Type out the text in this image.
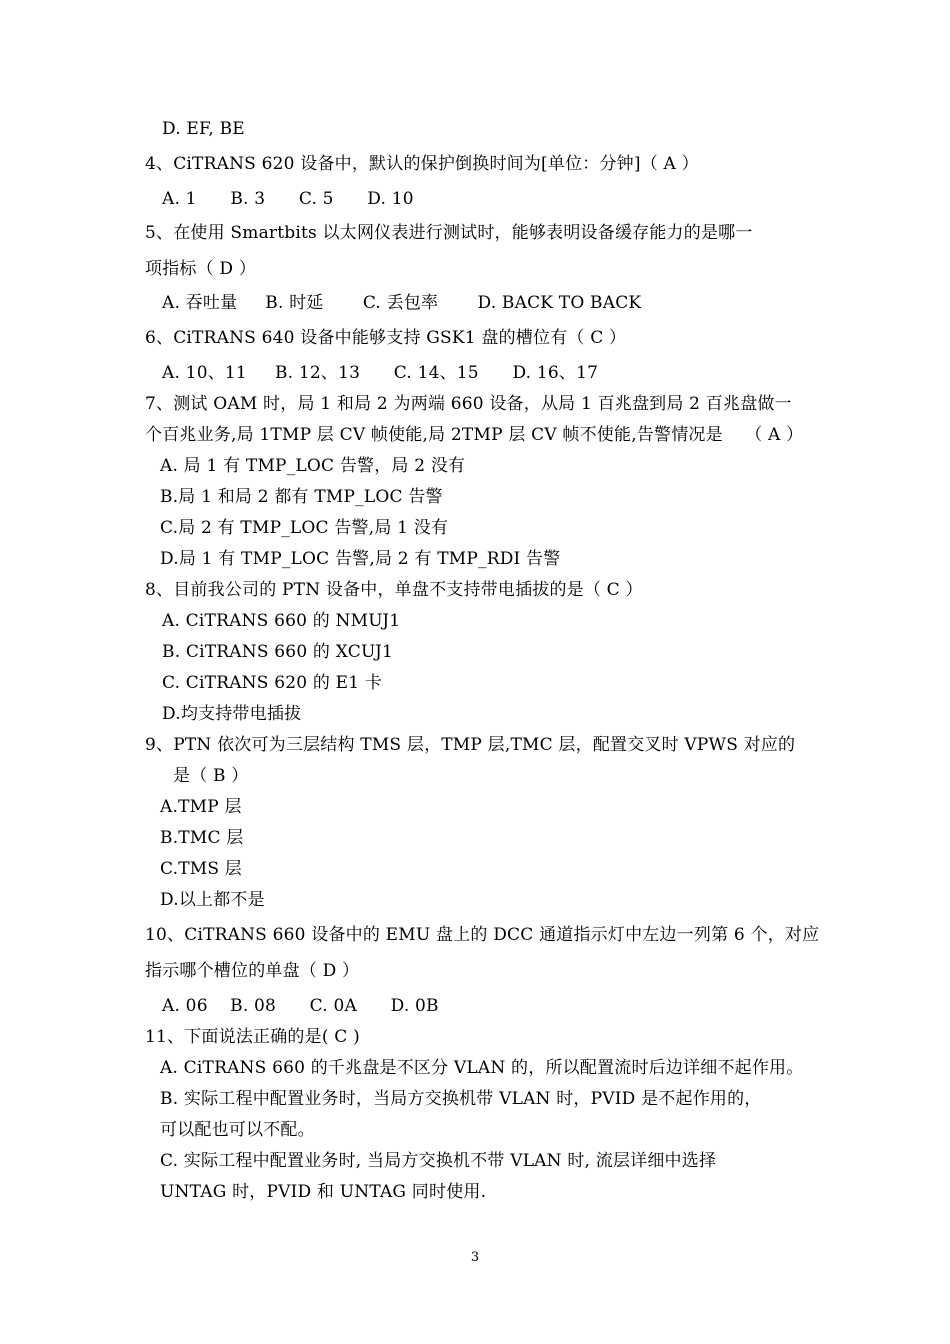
D. EF, BE
4、CiTRANS 620 设备中，默认的保护倒换时间为[单位：分钟]（ A ）
A. 1      B. 3      C. 5      D. 10
5、在使用 Smartbits 以太网仪表进行测试时，能够表明设备缓存能力的是哪一
项指标（ D ）
A. 吞吐量     B. 时延       C. 丢包率       D. BACK TO BACK
6、CiTRANS 640 设备中能够支持 GSK1 盘的槽位有（ C ）
A. 10、11     B. 12、13      C. 14、15      D. 16、17
7、测试 OAM 时，局 1 和局 2 为两端 660 设备，从局 1 百兆盘到局 2 百兆盘做一
个百兆业务,局 1TMP 层 CV 帧使能,局 2TMP 层 CV 帧不使能,告警情况是    （ A ）
A. 局 1 有 TMP_LOC 告警，局 2 没有
B.局 1 和局 2 都有 TMP_LOC 告警
C.局 2 有 TMP_LOC 告警,局 1 没有
D.局 1 有 TMP_LOC 告警,局 2 有 TMP_RDI 告警
8、目前我公司的 PTN 设备中，单盘不支持带电插拔的是（ C ）
A. CiTRANS 660 的 NMUJ1
B. CiTRANS 660 的 XCUJ1
C. CiTRANS 620 的 E1 卡
D.均支持带电插拔
9、PTN 依次可为三层结构 TMS 层，TMP 层,TMC 层，配置交叉时 VPWS 对应的
是（ B ）
A.TMP 层
B.TMC 层
C.TMS 层
D.以上都不是
10、CiTRANS 660 设备中的 EMU 盘上的 DCC 通道指示灯中左边一列第 6 个，对应
指示哪个槽位的单盘（ D ）
A. 06    B. 08      C. 0A      D. 0B
11、下面说法正确的是( C )
A. CiTRANS 660 的千兆盘是不区分 VLAN 的，所以配置流时后边详细不起作用。
B. 实际工程中配置业务时，当局方交换机带 VLAN 时，PVID 是不起作用的，
可以配也可以不配。
C. 实际工程中配置业务时, 当局方交换机不带 VLAN 时, 流层详细中选择
UNTAG 时，PVID 和 UNTAG 同时使用.
3
